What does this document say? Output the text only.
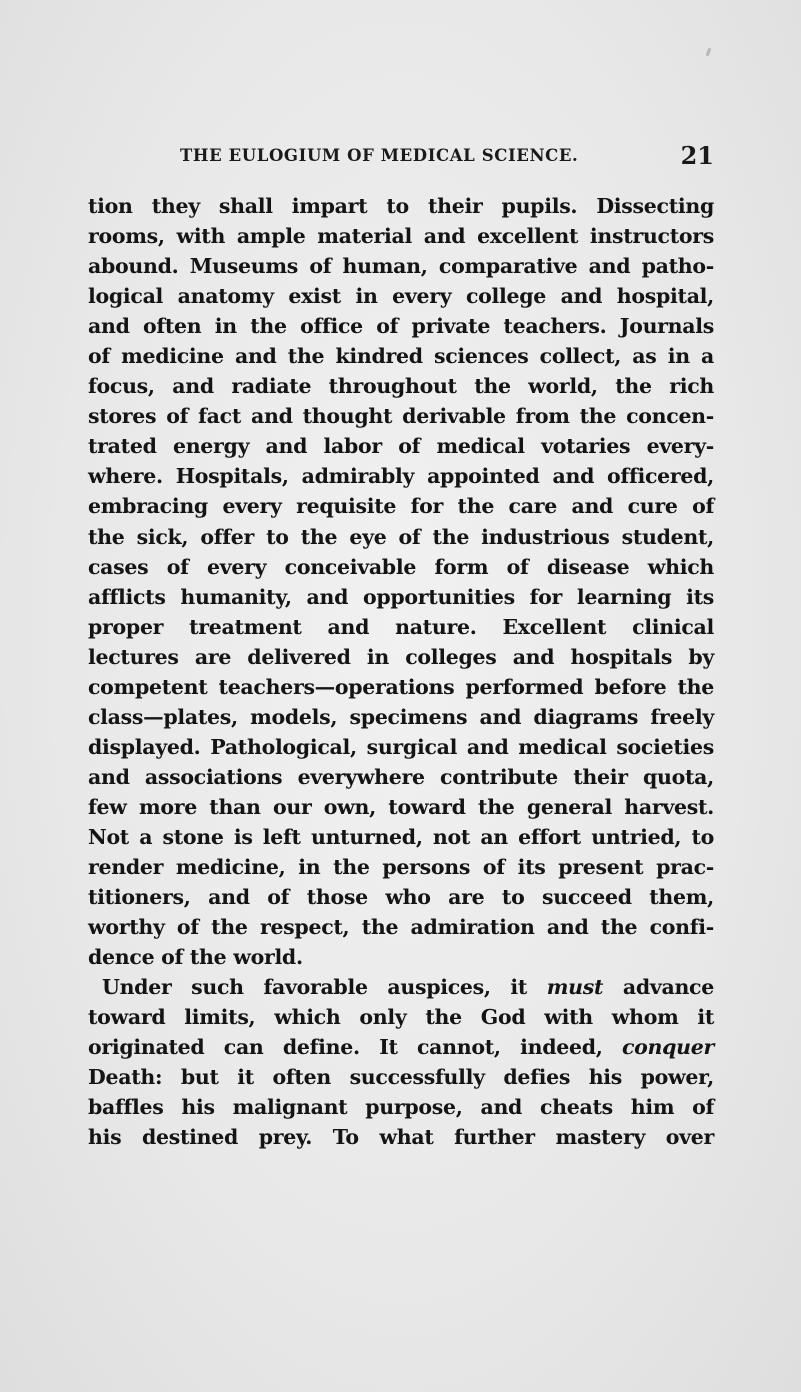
THE EULOGIUM OF MEDICAL SCIENCE.	21
tion they shall impart to their pupils. Dissecting
rooms, with ample material and excellent instructors
abound. Museums of human, comparative and patho-
logical anatomy exist in every college and hospital,
and often in the office of private teachers. Journals
of medicine and the kindred sciences collect, as in a
focus, and radiate throughout the world, the rich
stores of fact and thought derivable from the concen-
trated energy and labor of medical votaries every-
where. Hospitals, admirably appointed and officered,
embracing every requisite for the care and cure of
the sick, offer to the eye of the industrious student,
cases of every conceivable form of disease which
afflicts humanity, and opportunities for learning its
proper treatment and nature. Excellent clinical
lectures are delivered in colleges and hospitals by
competent teachers—operations performed before the
class—plates, models, specimens and diagrams freely
displayed. Pathological, surgical and medical societies
and associations everywhere contribute their quota,
few more than our own, toward the general harvest.
Not a stone is left unturned, not an effort untried, to
render medicine, in the persons of its present prac-
titioners, and of those who are to succeed them,
worthy of the respect, the admiration and the confi-
dence of the world.
Under such favorable auspices, it must advance
toward limits, which only the God with whom it
originated can define. It cannot, indeed, conquer
Death: but it often successfully defies his power,
baffles his malignant purpose, and cheats him of
his destined prey. To what further mastery over
